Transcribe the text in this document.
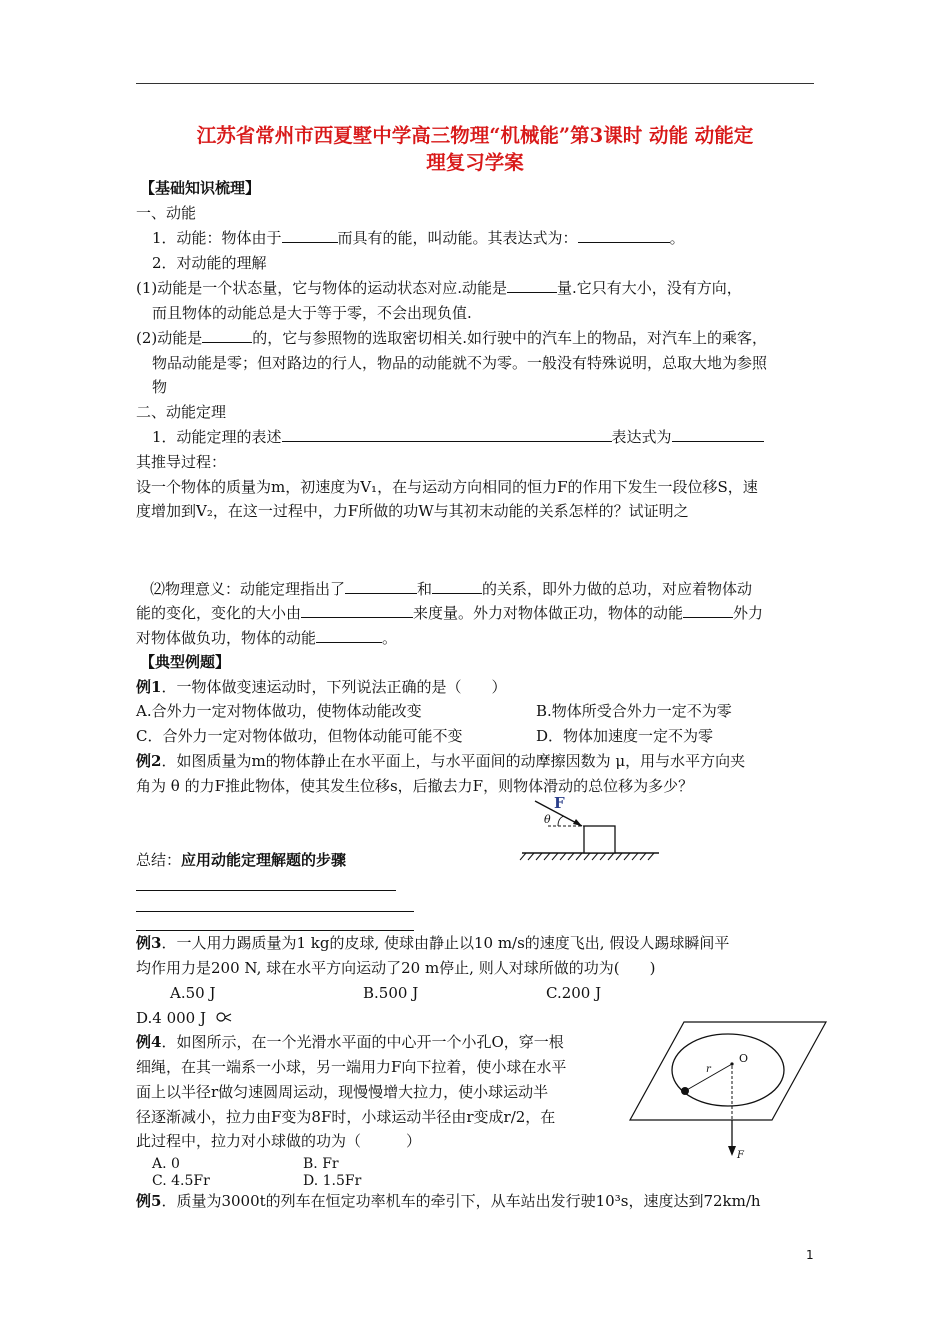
江苏省常州市西夏墅中学高三物理“机械能”第3课时 动能 动能定
理复习学案
【基础知识梳理】
一、动能
1．动能：物体由于	而具有的能，叫动能。其表达式为：	。
2．对动能的理解
(1)动能是一个状态量，它与物体的运动状态对应.动能是	量.它只有大小，没有方向，
而且物体的动能总是大于等于零，不会出现负值.
(2)动能是	的，它与参照物的选取密切相关.如行驶中的汽车上的物品，对汽车上的乘客，
物品动能是零；但对路边的行人，物品的动能就不为零。一般没有特殊说明，总取大地为参照
物
二、动能定理
1．动能定理的表述	表达式为
其推导过程：
设一个物体的质量为m，初速度为V₁，在与运动方向相同的恒力F的作用下发生一段位移S，速
度增加到V₂，在这一过程中，力F所做的功W与其初末动能的关系怎样的？试证明之
⑵物理意义：动能定理指出了	和	的关系，即外力做的总功，对应着物体动
能的变化，变化的大小由	来度量。外力对物体做正功，物体的动能	外力
对物体做负功，物体的动能	。
【典型例题】
例1．一物体做变速运动时，下列说法正确的是（　　）
A.合外力一定对物体做功，使物体动能改变	B.物体所受合外力一定不为零
C．合外力一定对物体做功，但物体动能可能不变	D．物体加速度一定不为零
例2．如图质量为m的物体静止在水平面上，与水平面间的动摩擦因数为 μ，用与水平方向夹
角为 θ 的力F推此物体，使其发生位移s，后撤去力F，则物体滑动的总位移为多少？
F
θ
总结：应用动能定理解题的步骤
例3．一人用力踢质量为1 kg的皮球, 使球由静止以10 m/s的速度飞出, 假设人踢球瞬间平
均作用力是200 N, 球在水平方向运动了20 m停止, 则人对球所做的功为(　　)
A.50 J	B.500 J	C.200 J
D.4 000 J
例4．如图所示，在一个光滑水平面的中心开一个小孔O，穿一根
细绳，在其一端系一小球，另一端用力F向下拉着，使小球在水平
面上以半径r做匀速圆周运动，现慢慢增大拉力，使小球运动半
径逐渐减小，拉力由F变为8F时，小球运动半径由r变成r/2，在
此过程中，拉力对小球做的功为（　　　）
A. 0	B. Fr
C. 4.5Fr	D. 1.5Fr
r
O
F
例5．质量为3000t的列车在恒定功率机车的牵引下，从车站出发行驶10³s，速度达到72km/h
1
